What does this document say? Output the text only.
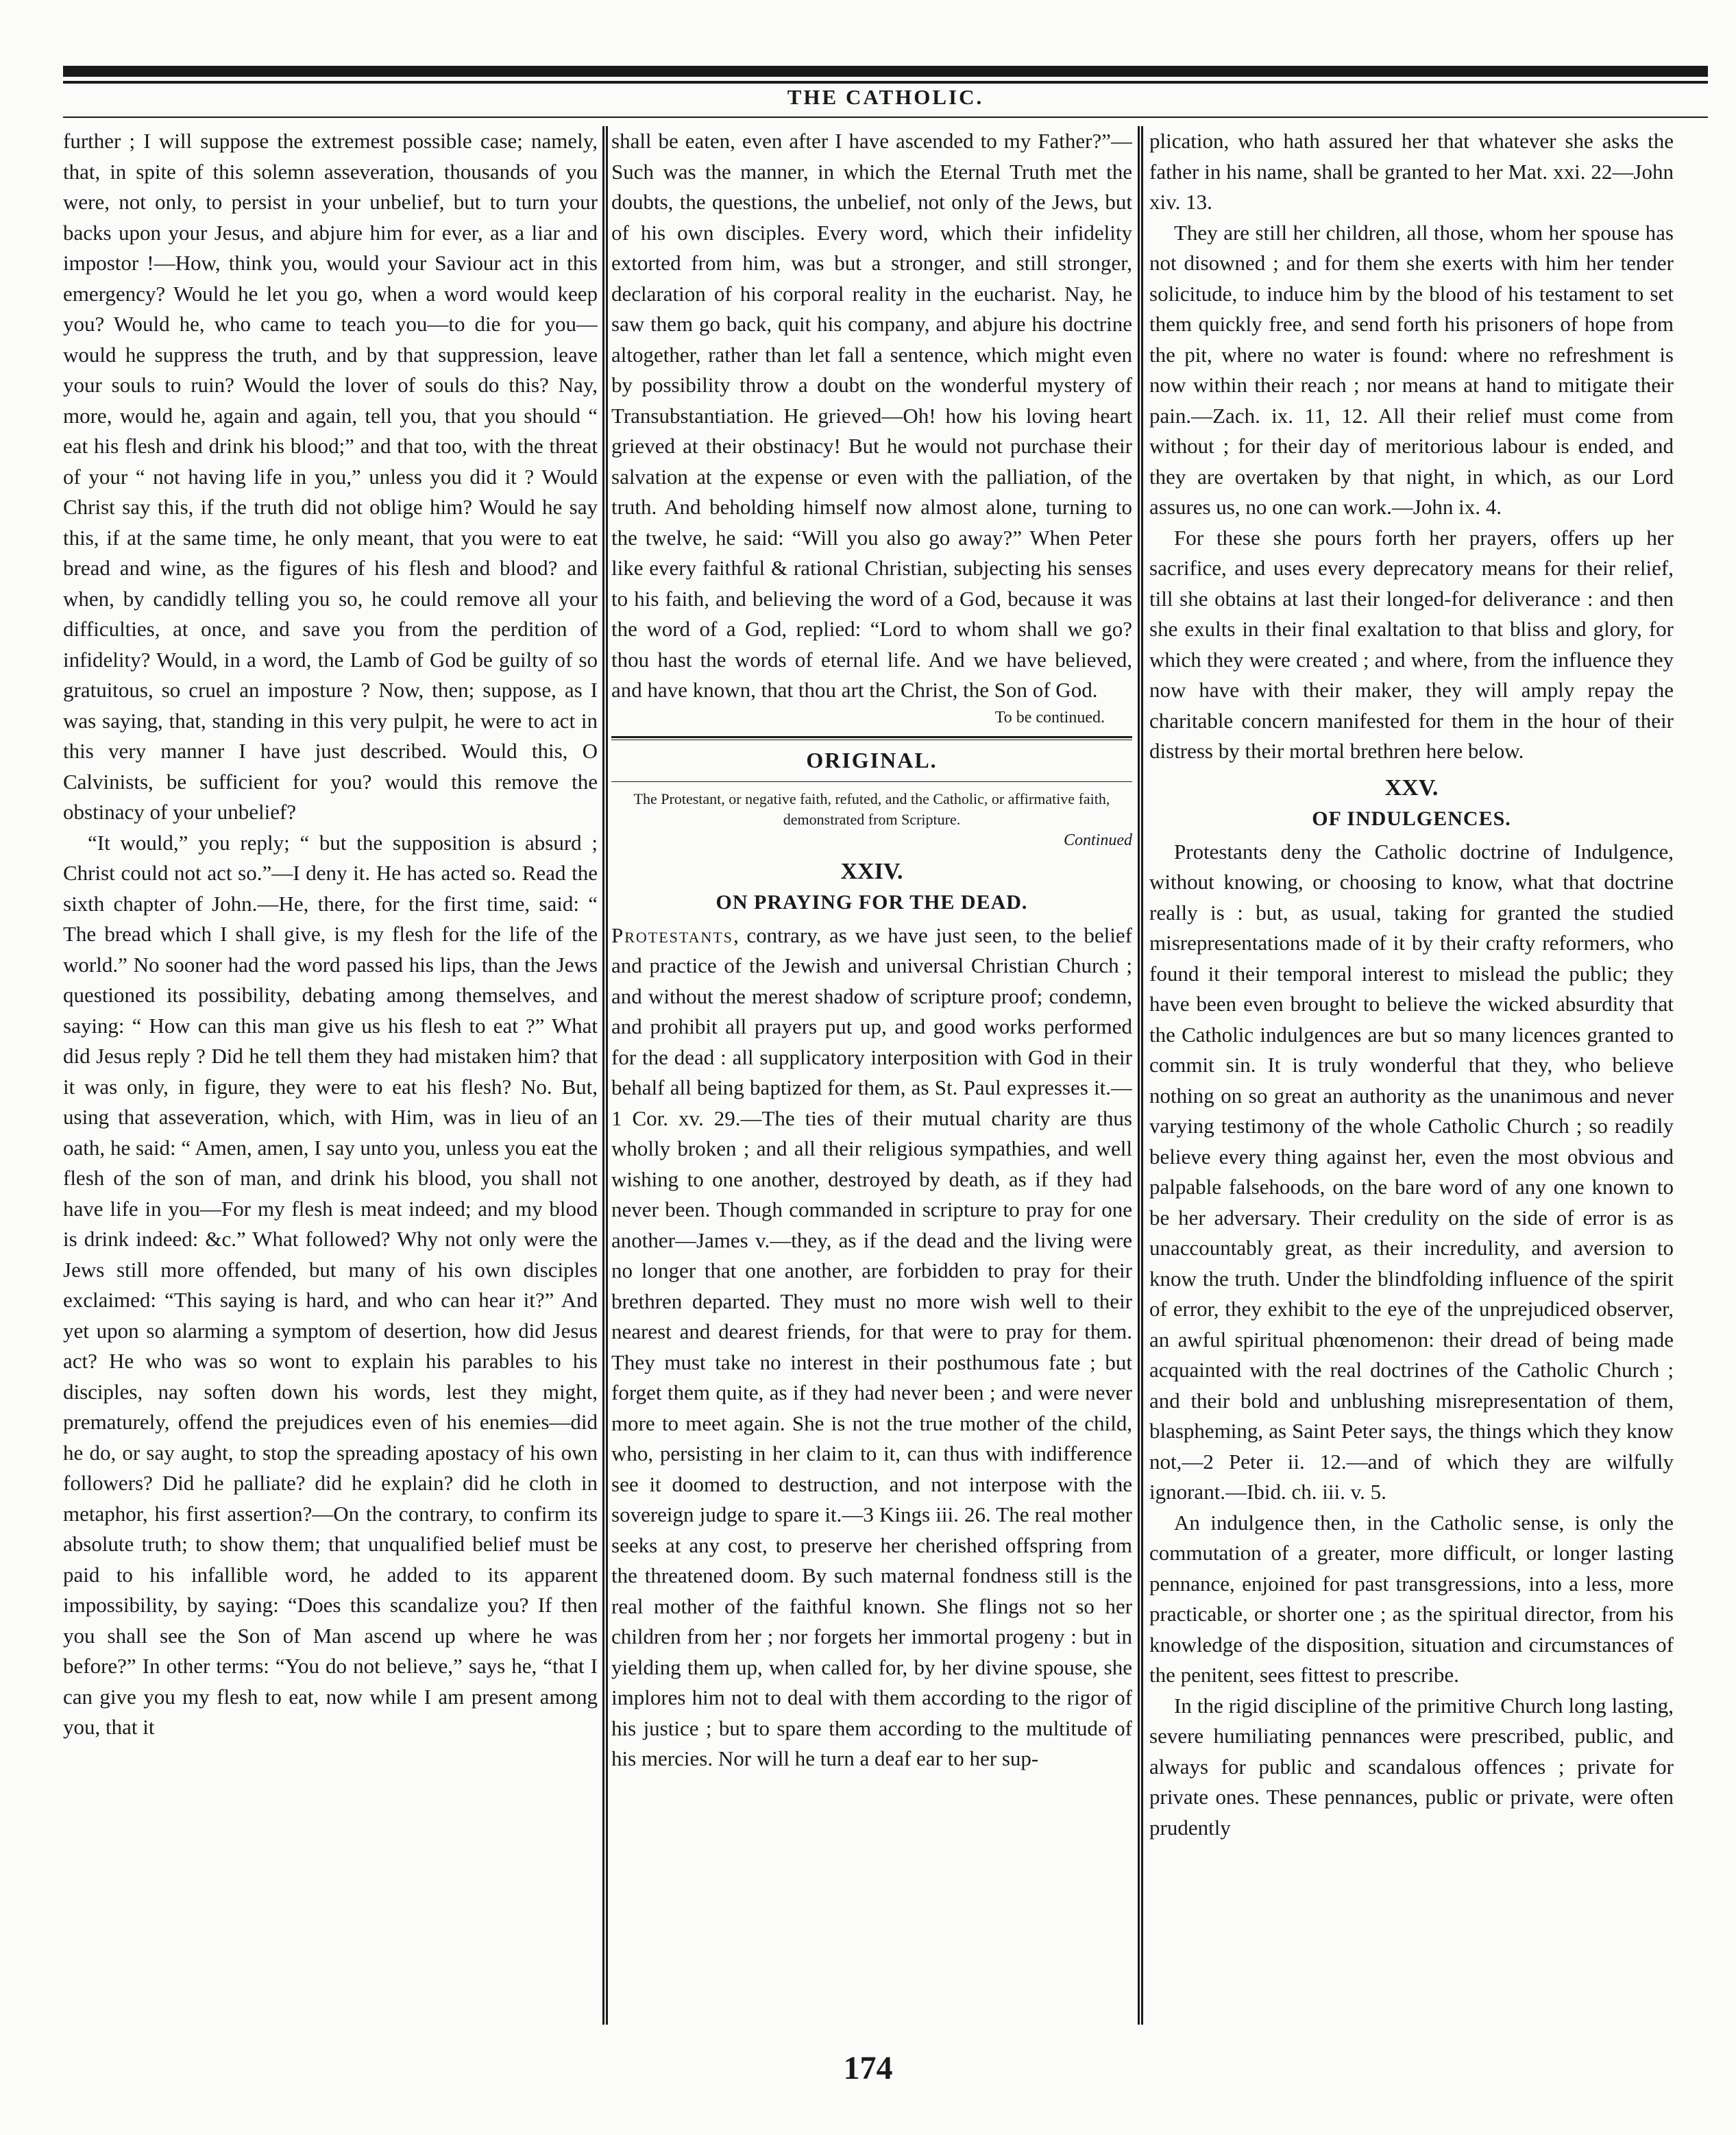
THE CATHOLIC.

further ; I will suppose the extremest possible case; namely, that, in spite of this solemn asseveration, thousands of you were, not only, to persist in your unbelief, but to turn your backs upon your Jesus, and abjure him for ever, as a liar and impostor !—How, think you, would your Saviour act in this emergency? Would he let you go, when a word would keep you? Would he, who came to teach you—to die for you—would he suppress the truth, and by that suppression, leave your souls to ruin? Would the lover of souls do this? Nay, more, would he, again and again, tell you, that you should “ eat his flesh and drink his blood;” and that too, with the threat of your “ not having life in you,” unless you did it ? Would Christ say this, if the truth did not oblige him? Would he say this, if at the same time, he only meant, that you were to eat bread and wine, as the figures of his flesh and blood? and when, by candidly telling you so, he could remove all your difficulties, at once, and save you from the perdition of infidelity? Would, in a word, the Lamb of God be guilty of so gratuitous, so cruel an imposture ? Now, then; suppose, as I was saying, that, standing in this very pulpit, he were to act in this very manner I have just described. Would this, O Calvinists, be sufficient for you? would this remove the obstinacy of your unbelief?

“It would,” you reply; “ but the supposition is absurd ; Christ could not act so.”—I deny it. He has acted so. Read the sixth chapter of John.—He, there, for the first time, said: “ The bread which I shall give, is my flesh for the life of the world.” No sooner had the word passed his lips, than the Jews questioned its possibility, debating among themselves, and saying: “ How can this man give us his flesh to eat ?” What did Jesus reply ? Did he tell them they had mistaken him? that it was only, in figure, they were to eat his flesh? No. But, using that asseveration, which, with Him, was in lieu of an oath, he said: “ Amen, amen, I say unto you, unless you eat the flesh of the son of man, and drink his blood, you shall not have life in you—For my flesh is meat indeed; and my blood is drink indeed: &c.” What followed? Why not only were the Jews still more offended, but many of his own disciples exclaimed: “This saying is hard, and who can hear it?” And yet upon so alarming a symptom of desertion, how did Jesus act? He who was so wont to explain his parables to his disciples, nay soften down his words, lest they might, prematurely, offend the prejudices even of his enemies—did he do, or say aught, to stop the spreading apostacy of his own followers? Did he palliate? did he explain? did he cloth in metaphor, his first assertion?—On the contrary, to confirm its absolute truth; to show them; that unqualified belief must be paid to his infallible word, he added to its apparent impossibility, by saying: “Does this scandalize you? If then you shall see the Son of Man ascend up where he was before?” In other terms: “You do not believe,” says he, “that I can give you my flesh to eat, now while I am present among you, that it

shall be eaten, even after I have ascended to my Father?”—Such was the manner, in which the Eternal Truth met the doubts, the questions, the unbelief, not only of the Jews, but of his own disciples. Every word, which their infidelity extorted from him, was but a stronger, and still stronger, declaration of his corporal reality in the eucharist. Nay, he saw them go back, quit his company, and abjure his doctrine altogether, rather than let fall a sentence, which might even by possibility throw a doubt on the wonderful mystery of Transubstantiation. He grieved—Oh! how his loving heart grieved at their obstinacy! But he would not purchase their salvation at the expense or even with the palliation, of the truth. And beholding himself now almost alone, turning to the twelve, he said: “Will you also go away?” When Peter like every faithful & rational Christian, subjecting his senses to his faith, and believing the word of a God, because it was the word of a God, replied: “Lord to whom shall we go? thou hast the words of eternal life. And we have believed, and have known, that thou art the Christ, the Son of God.

To be continued.

ORIGINAL.

The Protestant, or negative faith, refuted, and the Catholic, or affirmative faith, demonstrated from Scripture.

Continued

XXIV.
ON PRAYING FOR THE DEAD.

Protestants, contrary, as we have just seen, to the belief and practice of the Jewish and universal Christian Church ; and without the merest shadow of scripture proof; condemn, and prohibit all prayers put up, and good works performed for the dead : all supplicatory interposition with God in their behalf all being baptized for them, as St. Paul expresses it.—1 Cor. xv. 29.—The ties of their mutual charity are thus wholly broken ; and all their religious sympathies, and well wishing to one another, destroyed by death, as if they had never been. Though commanded in scripture to pray for one another—James v.—they, as if the dead and the living were no longer that one another, are forbidden to pray for their brethren departed. They must no more wish well to their nearest and dearest friends, for that were to pray for them. They must take no interest in their posthumous fate ; but forget them quite, as if they had never been ; and were never more to meet again. She is not the true mother of the child, who, persisting in her claim to it, can thus with indifference see it doomed to destruction, and not interpose with the sovereign judge to spare it.—3 Kings iii. 26. The real mother seeks at any cost, to preserve her cherished offspring from the threatened doom. By such maternal fondness still is the real mother of the faithful known. She flings not so her children from her ; nor forgets her immortal progeny : but in yielding them up, when called for, by her divine spouse, she implores him not to deal with them according to the rigor of his justice ; but to spare them according to the multitude of his mercies. Nor will he turn a deaf ear to her sup-

plication, who hath assured her that whatever she asks the father in his name, shall be granted to her Mat. xxi. 22—John xiv. 13.

They are still her children, all those, whom her spouse has not disowned ; and for them she exerts with him her tender solicitude, to induce him by the blood of his testament to set them quickly free, and send forth his prisoners of hope from the pit, where no water is found: where no refreshment is now within their reach ; nor means at hand to mitigate their pain.—Zach. ix. 11, 12. All their relief must come from without ; for their day of meritorious labour is ended, and they are overtaken by that night, in which, as our Lord assures us, no one can work.—John ix. 4.

For these she pours forth her prayers, offers up her sacrifice, and uses every deprecatory means for their relief, till she obtains at last their longed-for deliverance : and then she exults in their final exaltation to that bliss and glory, for which they were created ; and where, from the influence they now have with their maker, they will amply repay the charitable concern manifested for them in the hour of their distress by their mortal brethren here below.

XXV.
OF INDULGENCES.

Protestants deny the Catholic doctrine of Indulgence, without knowing, or choosing to know, what that doctrine really is : but, as usual, taking for granted the studied misrepresentations made of it by their crafty reformers, who found it their temporal interest to mislead the public; they have been even brought to believe the wicked absurdity that the Catholic indulgences are but so many licences granted to commit sin. It is truly wonderful that they, who believe nothing on so great an authority as the unanimous and never varying testimony of the whole Catholic Church ; so readily believe every thing against her, even the most obvious and palpable falsehoods, on the bare word of any one known to be her adversary. Their credulity on the side of error is as unaccountably great, as their incredulity, and aversion to know the truth. Under the blindfolding influence of the spirit of error, they exhibit to the eye of the unprejudiced observer, an awful spiritual phœnomenon: their dread of being made acquainted with the real doctrines of the Catholic Church ; and their bold and unblushing misrepresentation of them, blaspheming, as Saint Peter says, the things which they know not,—2 Peter ii. 12.—and of which they are wilfully ignorant.—Ibid. ch. iii. v. 5.

An indulgence then, in the Catholic sense, is only the commutation of a greater, more difficult, or longer lasting pennance, enjoined for past transgressions, into a less, more practicable, or shorter one ; as the spiritual director, from his knowledge of the disposition, situation and circumstances of the penitent, sees fittest to prescribe.

In the rigid discipline of the primitive Church long lasting, severe humiliating pennances were prescribed, public, and always for public and scandalous offences ; private for private ones. These pennances, public or private, were often prudently

174
